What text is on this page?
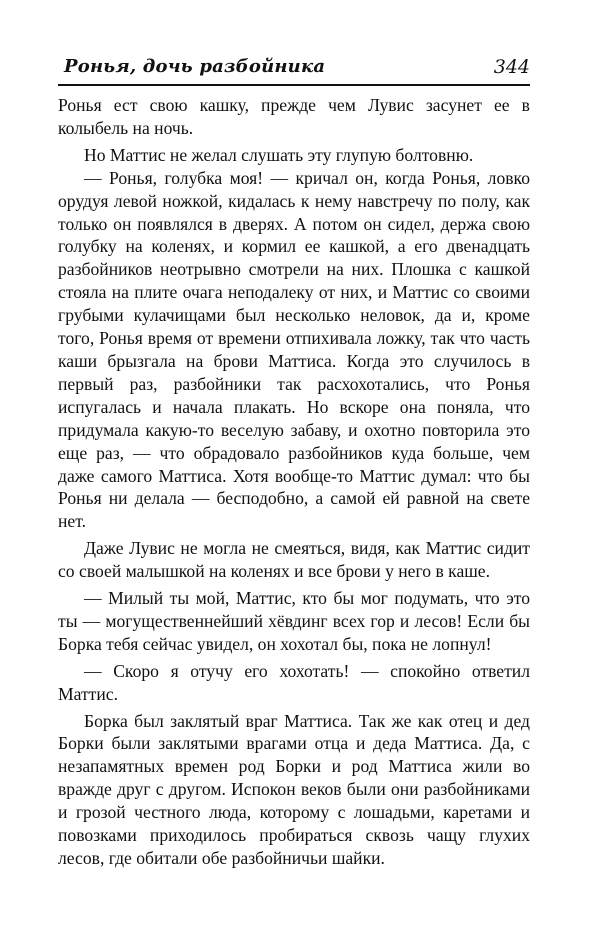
Ронья, дочь разбойника	344

Ронья ест свою кашку, прежде чем Лувис засунет ее в колыбель на ночь.

Но Маттис не желал слушать эту глупую болтовню.

— Ронья, голубка моя! — кричал он, когда Ронья, ловко орудуя левой ножкой, кидалась к нему навстречу по полу, как только он появлялся в дверях. А потом он сидел, держа свою голубку на коленях, и кормил ее кашкой, а его двенадцать разбойников неотрывно смотрели на них. Плошка с кашкой стояла на плите очага неподалеку от них, и Маттис со своими грубыми кулачищами был несколько неловок, да и, кроме того, Ронья время от времени отпихивала ложку, так что часть каши брызгала на брови Маттиса. Когда это случилось в первый раз, разбойники так расхохотались, что Ронья испугалась и начала плакать. Но вскоре она поняла, что придумала какую-то веселую забаву, и охотно повторила это еще раз, — что обрадовало разбойников куда больше, чем даже самого Маттиса. Хотя вообще-то Маттис думал: что бы Ронья ни делала — бесподобно, а самой ей равной на свете нет.

Даже Лувис не могла не смеяться, видя, как Маттис сидит со своей малышкой на коленях и все брови у него в каше.

— Милый ты мой, Маттис, кто бы мог подумать, что это ты — могущественнейший хёвдинг всех гор и лесов! Если бы Борка тебя сейчас увидел, он хохотал бы, пока не лопнул!

— Скоро я отучу его хохотать! — спокойно ответил Маттис.

Борка был заклятый враг Маттиса. Так же как отец и дед Борки были заклятыми врагами отца и деда Маттиса. Да, с незапамятных времен род Борки и род Маттиса жили во вражде друг с другом. Испокон веков были они разбойниками и грозой честного люда, которому с лошадьми, каретами и повозками приходилось пробираться сквозь чащу глухих лесов, где обитали обе разбойничьи шайки.
